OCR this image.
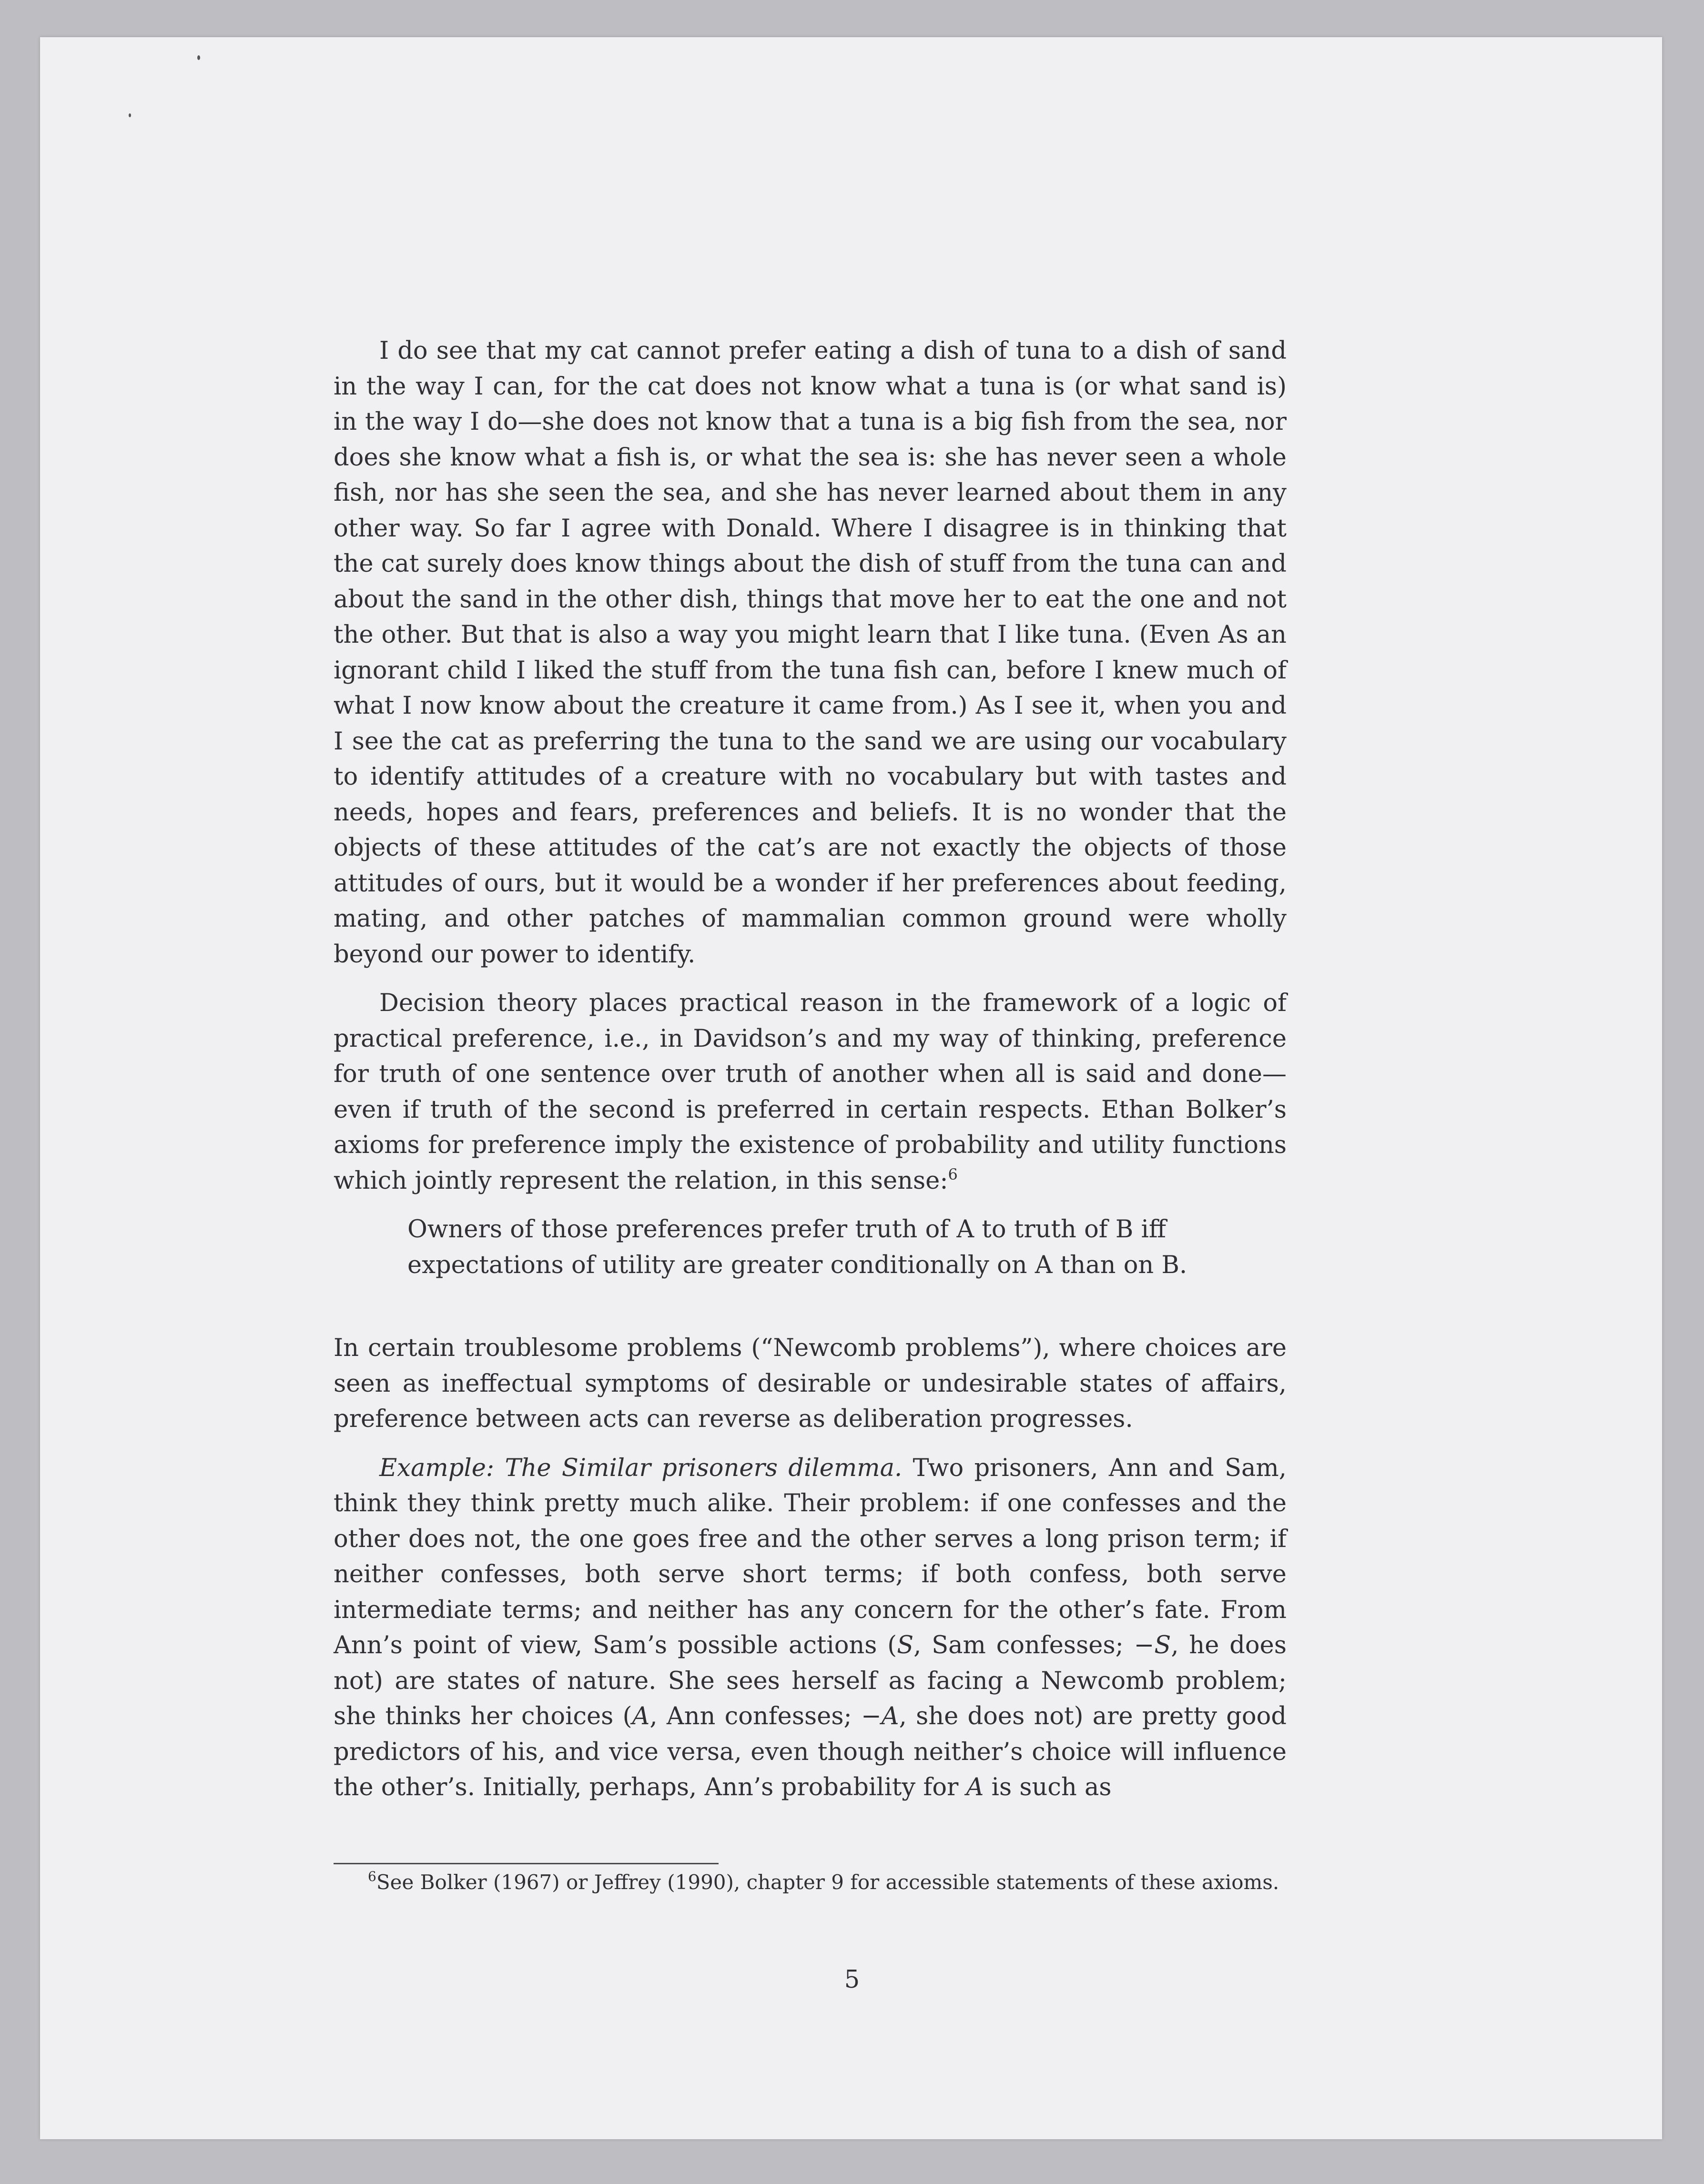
I do see that my cat cannot prefer eating a dish of tuna to a dish of sand in the way I can, for the cat does not know what a tuna is (or what sand is) in the way I do—she does not know that a tuna is a big fish from the sea, nor does she know what a fish is, or what the sea is: she has never seen a whole fish, nor has she seen the sea, and she has never learned about them in any other way. So far I agree with Donald. Where I disagree is in thinking that the cat surely does know things about the dish of stuff from the tuna can and about the sand in the other dish, things that move her to eat the one and not the other. But that is also a way you might learn that I like tuna. (Even As an ignorant child I liked the stuff from the tuna fish can, before I knew much of what I now know about the creature it came from.) As I see it, when you and I see the cat as preferring the tuna to the sand we are using our vocabulary to identify attitudes of a creature with no vocabulary but with tastes and needs, hopes and fears, preferences and beliefs. It is no wonder that the objects of these attitudes of the cat’s are not exactly the objects of those attitudes of ours, but it would be a wonder if her preferences about feeding, mating, and other patches of mammalian common ground were wholly beyond our power to identify.

Decision theory places practical reason in the framework of a logic of practical preference, i.e., in Davidson’s and my way of thinking, preference for truth of one sentence over truth of another when all is said and done—even if truth of the second is preferred in certain respects. Ethan Bolker’s axioms for preference imply the existence of probability and utility functions which jointly represent the relation, in this sense:$^6$

Owners of those preferences prefer truth of A to truth of B iff expectations of utility are greater conditionally on A than on B.

In certain troublesome problems (“Newcomb problems”), where choices are seen as ineffectual symptoms of desirable or undesirable states of affairs, preference between acts can reverse as deliberation progresses.

Example: The Similar prisoners dilemma. Two prisoners, Ann and Sam, think they think pretty much alike. Their problem: if one confesses and the other does not, the one goes free and the other serves a long prison term; if neither confesses, both serve short terms; if both confess, both serve intermediate terms; and neither has any concern for the other’s fate. From Ann’s point of view, Sam’s possible actions (S, Sam confesses; −S, he does not) are states of nature. She sees herself as facing a Newcomb problem; she thinks her choices (A, Ann confesses; −A, she does not) are pretty good predictors of his, and vice versa, even though neither’s choice will influence the other’s. Initially, perhaps, Ann’s probability for A is such as

$^6$See Bolker (1967) or Jeffrey (1990), chapter 9 for accessible statements of these axioms.
5
